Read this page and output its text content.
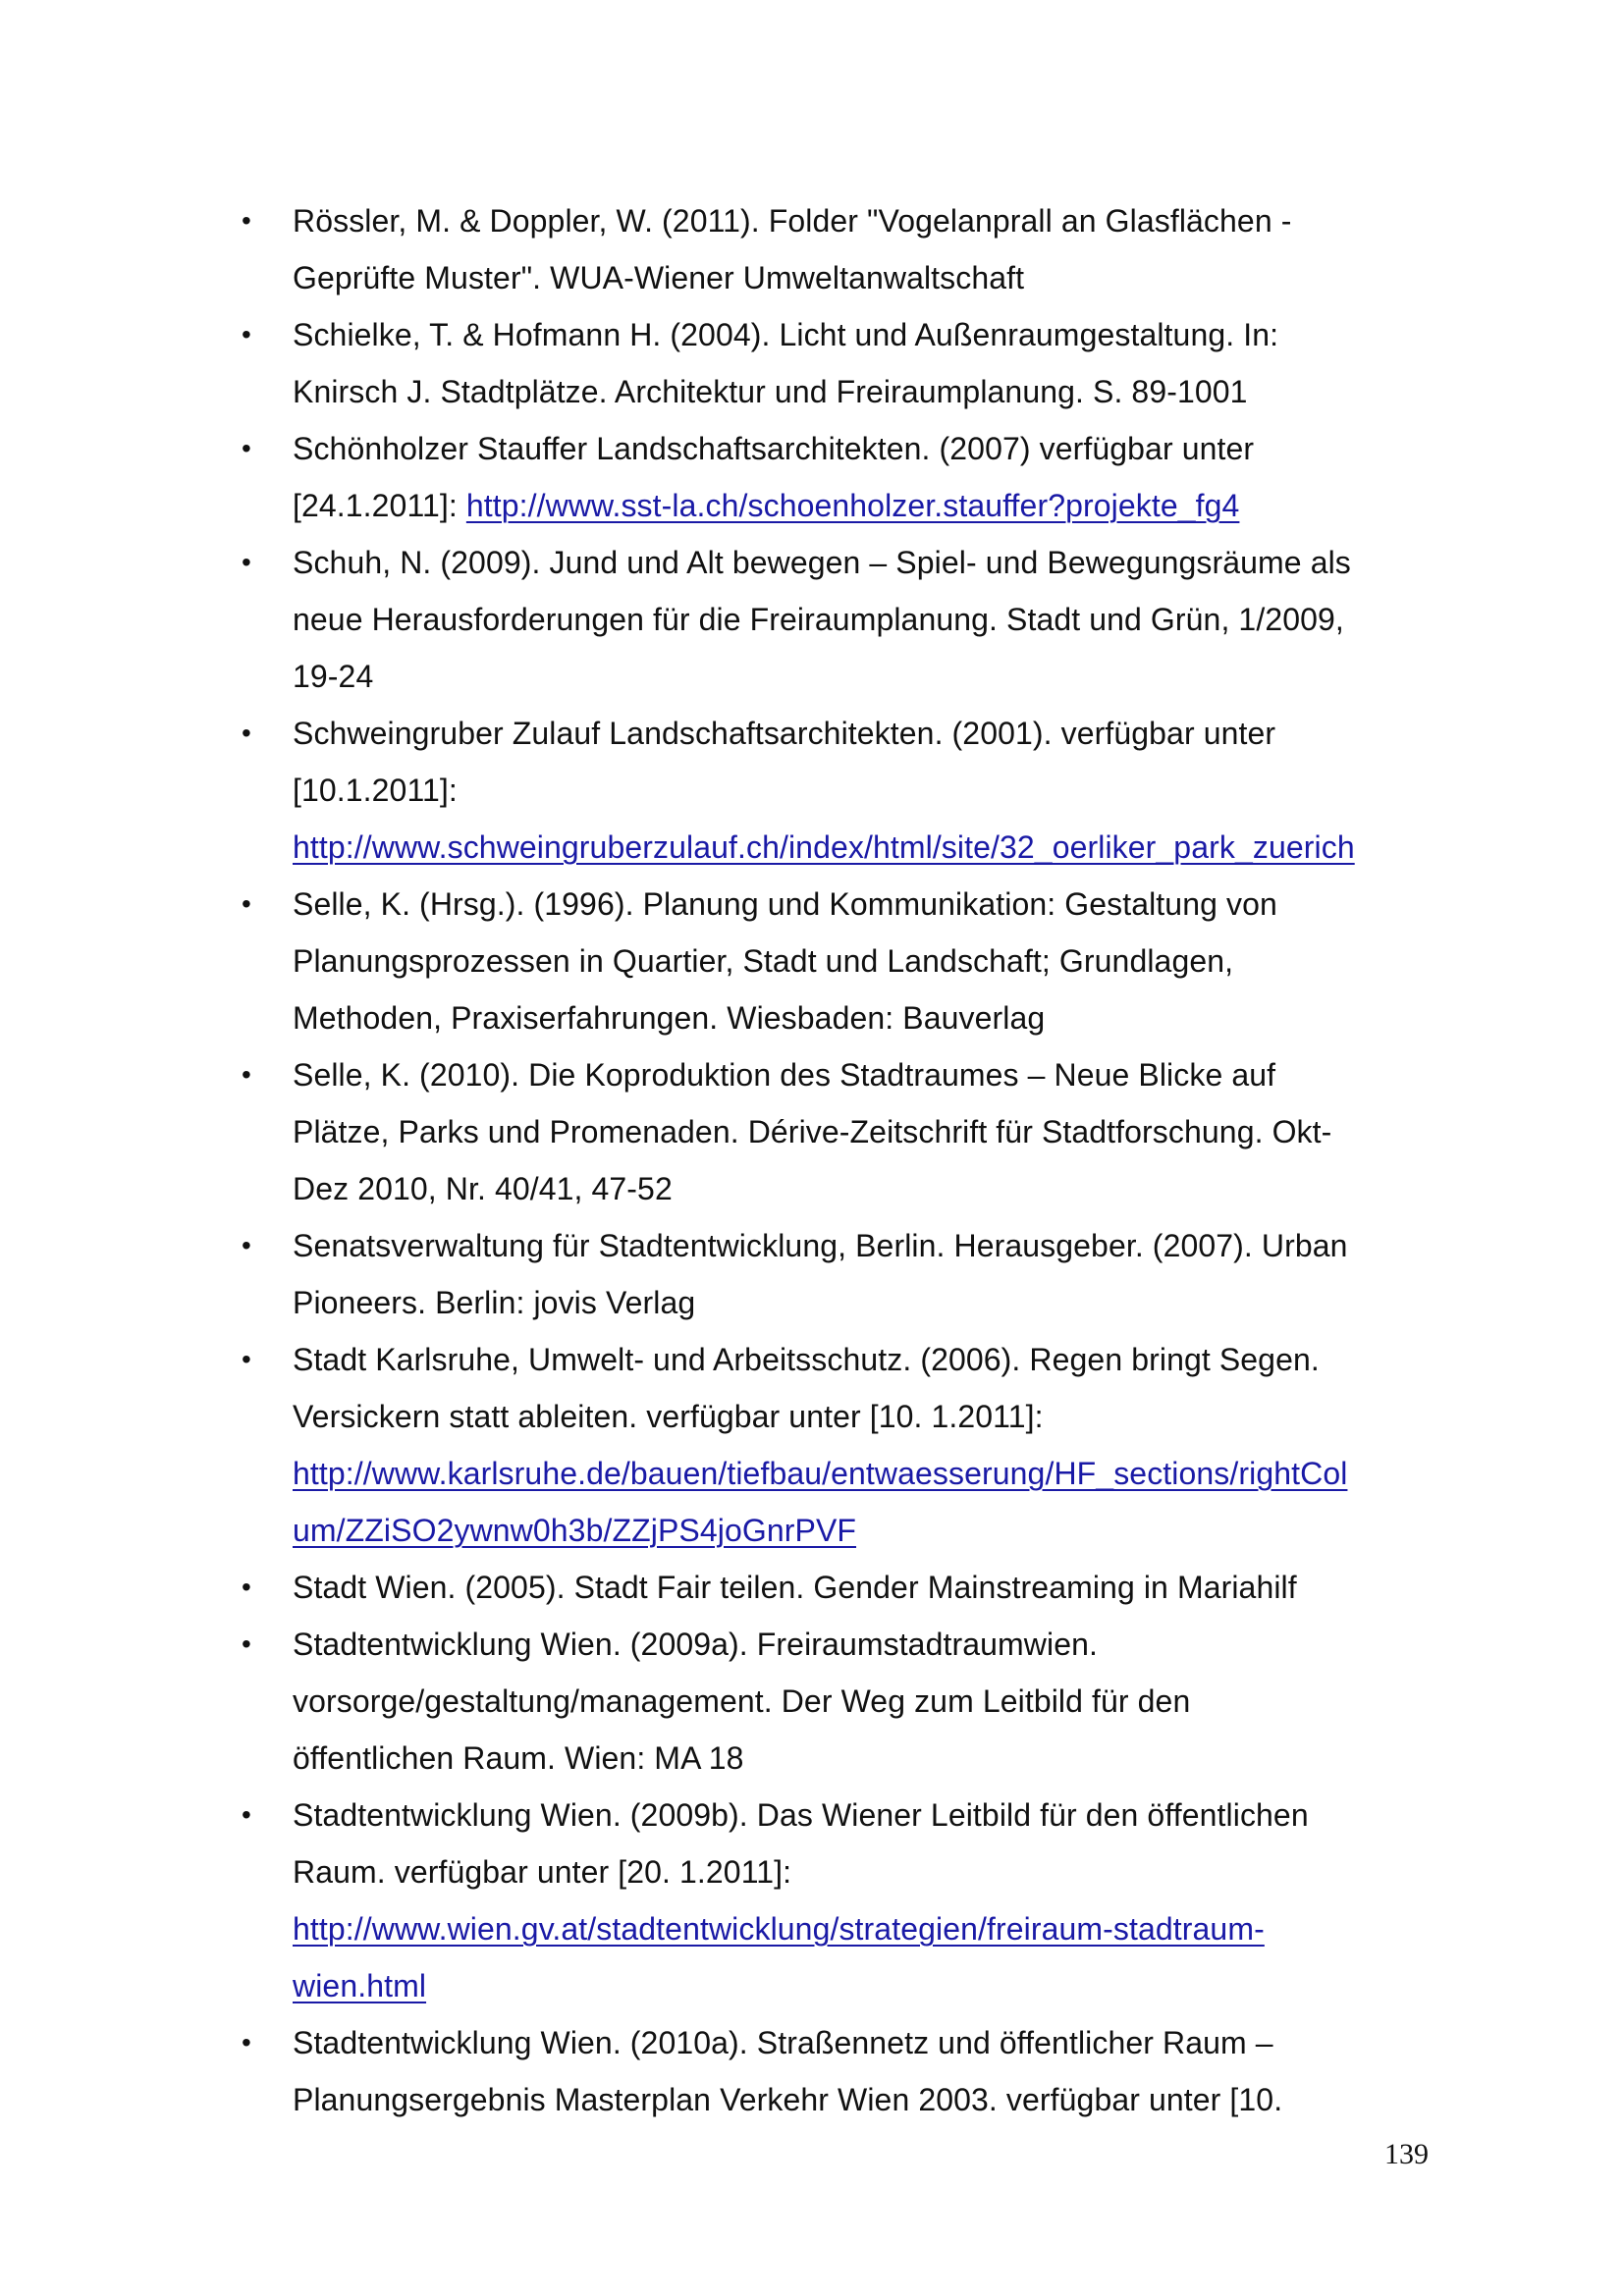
• Rössler, M. & Doppler, W. (2011). Folder "Vogelanprall an Glasflächen -
Geprüfte Muster". WUA-Wiener Umweltanwaltschaft
• Schielke, T. & Hofmann H. (2004). Licht und Außenraumgestaltung. In:
Knirsch J. Stadtplätze. Architektur und Freiraumplanung. S. 89-1001
• Schönholzer Stauffer Landschaftsarchitekten. (2007) verfügbar unter
[24.1.2011]: http://www.sst-la.ch/schoenholzer.stauffer?projekte_fg4
• Schuh, N. (2009). Jund und Alt bewegen – Spiel- und Bewegungsräume als
neue Herausforderungen für die Freiraumplanung. Stadt und Grün, 1/2009,
19-24
• Schweingruber Zulauf Landschaftsarchitekten. (2001). verfügbar unter
[10.1.2011]:
http://www.schweingruberzulauf.ch/index/html/site/32_oerliker_park_zuerich
• Selle, K. (Hrsg.). (1996). Planung und Kommunikation: Gestaltung von
Planungsprozessen in Quartier, Stadt und Landschaft; Grundlagen,
Methoden, Praxiserfahrungen. Wiesbaden: Bauverlag
• Selle, K. (2010). Die Koproduktion des Stadtraumes – Neue Blicke auf
Plätze, Parks und Promenaden. Dérive-Zeitschrift für Stadtforschung. Okt-
Dez 2010, Nr. 40/41, 47-52
• Senatsverwaltung für Stadtentwicklung, Berlin. Herausgeber. (2007). Urban
Pioneers. Berlin: jovis Verlag
• Stadt Karlsruhe, Umwelt- und Arbeitsschutz. (2006). Regen bringt Segen.
Versickern statt ableiten. verfügbar unter [10. 1.2011]:
http://www.karlsruhe.de/bauen/tiefbau/entwaesserung/HF_sections/rightCol
um/ZZiSO2ywnw0h3b/ZZjPS4joGnrPVF
• Stadt Wien. (2005). Stadt Fair teilen. Gender Mainstreaming in Mariahilf
• Stadtentwicklung Wien. (2009a). Freiraumstadtraumwien.
vorsorge/gestaltung/management. Der Weg zum Leitbild für den
öffentlichen Raum. Wien: MA 18
• Stadtentwicklung Wien. (2009b). Das Wiener Leitbild für den öffentlichen
Raum. verfügbar unter [20. 1.2011]:
http://www.wien.gv.at/stadtentwicklung/strategien/freiraum-stadtraum-
wien.html
• Stadtentwicklung Wien. (2010a). Straßennetz und öffentlicher Raum –
Planungsergebnis Masterplan Verkehr Wien 2003. verfügbar unter [10.
139
